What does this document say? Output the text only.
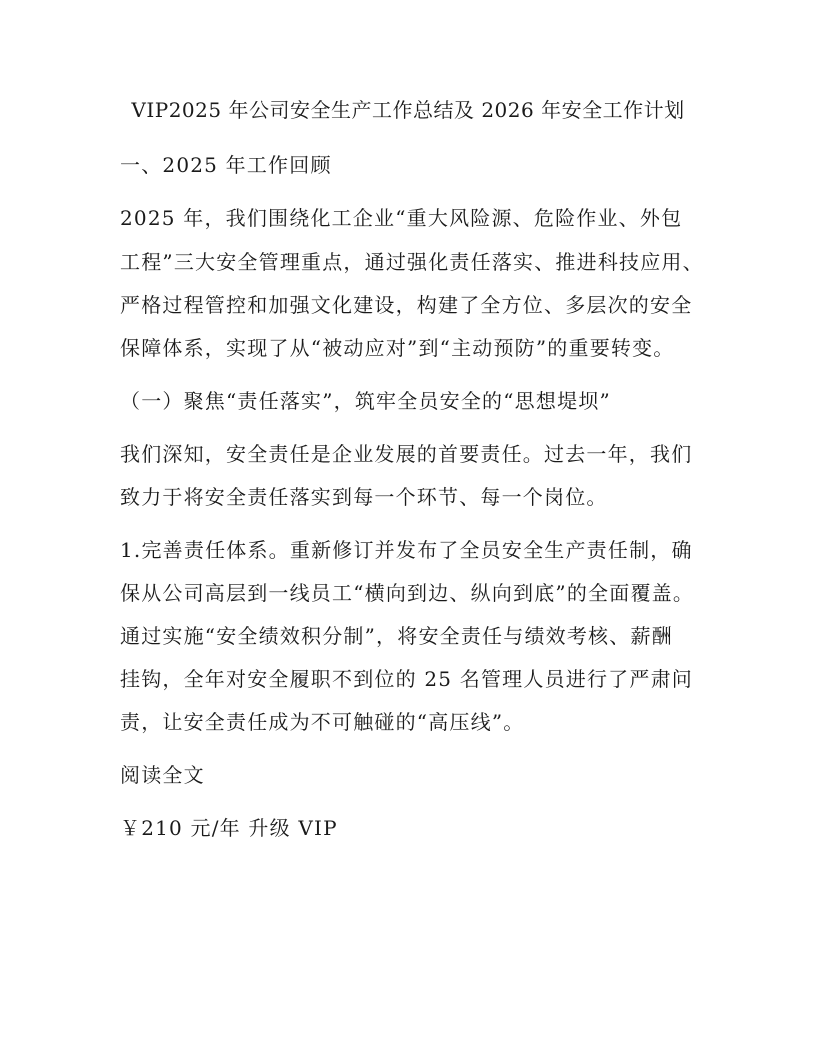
VIP2025 年公司安全生产工作总结及 2026 年安全工作计划
一、2025 年工作回顾
2025 年，我们围绕化工企业“重大风险源、危险作业、外包
工程”三大安全管理重点，通过强化责任落实、推进科技应用、
严格过程管控和加强文化建设，构建了全方位、多层次的安全
保障体系，实现了从“被动应对”到“主动预防”的重要转变。
（一）聚焦“责任落实”，筑牢全员安全的“思想堤坝”
我们深知，安全责任是企业发展的首要责任。过去一年，我们
致力于将安全责任落实到每一个环节、每一个岗位。
1.完善责任体系。重新修订并发布了全员安全生产责任制，确
保从公司高层到一线员工“横向到边、纵向到底”的全面覆盖。
通过实施“安全绩效积分制”，将安全责任与绩效考核、薪酬
挂钩，全年对安全履职不到位的 25 名管理人员进行了严肃问
责，让安全责任成为不可触碰的“高压线”。
阅读全文
￥210 元/年 升级 VIP
